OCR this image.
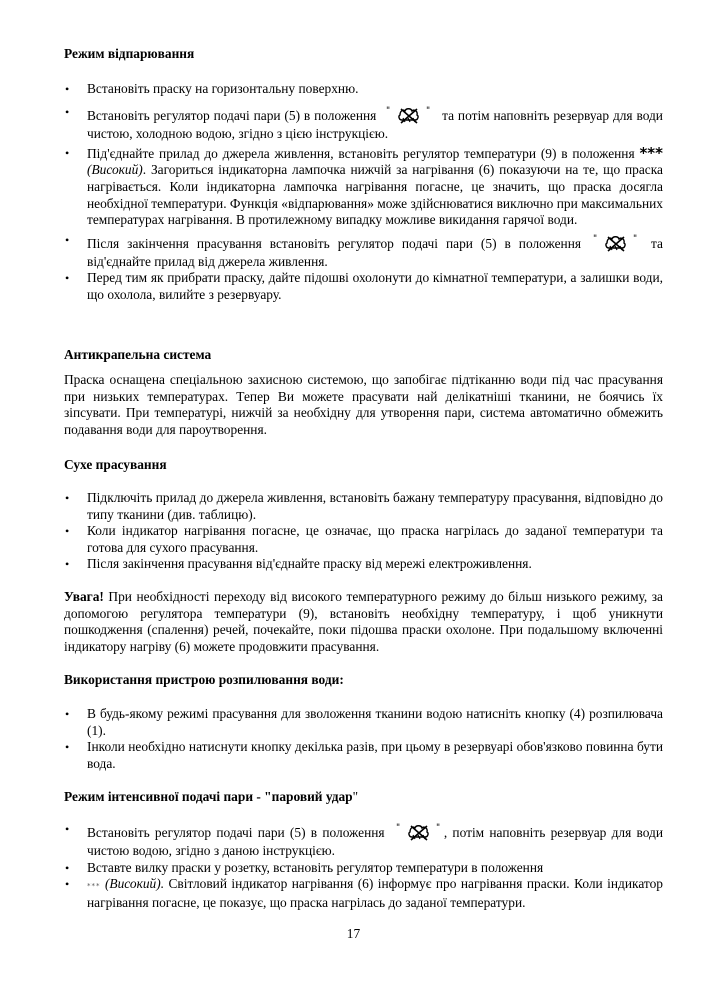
Режим відпарювання
• Встановіть праску на горизонтальну поверхню.
• Встановіть регулятор подачі пари (5) в положення	та потім наповніть резервуар для води чистою, холодною водою, згідно з цією інструкцією.
• Під'єднайте прилад до джерела живлення, встановіть регулятор температури (9) в положення ***(Високий). Загориться індикаторна лампочка нижчій за нагрівання (6) показуючи на те, що праска нагрівається. Коли індикаторна лампочка нагрівання погасне, це значить, що праска досягла необхідної температури. Функція «відпарювання» може здійснюватися виключно при максимальних температурах нагрівання. В протилежному випадку можливе викидання гарячої води.
• Після закінчення прасування встановіть регулятор подачі пари (5) в положення	та від'єднайте прилад від джерела живлення.
• Перед тим як прибрати праску, дайте підошві охолонути до кімнатної температури, а залишки води, що охолола, вилийте з резервуару.
Антикрапельна система

Праска оснащена спеціальною захисною системою, що запобігає підтіканню води під час прасування при низьких температурах. Тепер Ви можете прасувати най делікатніші тканини, не боячись їх зіпсувати. При температурі, нижчій за необхідну для утворення пари, система автоматично обмежить подавання води для пароутворення.

Сухе прасування
• Підключіть прилад до джерела живлення, встановіть бажану температуру прасування, відповідно до типу тканини (див. таблицю).
• Коли індикатор нагрівання погасне, це означає, що праска нагрілась до заданої температури та готова для сухого прасування.
• Після закінчення прасування від'єднайте праску від мережі електроживлення.

Увага! При необхідності переходу від високого температурного режиму до більш низького режиму, за допомогою регулятора температури (9), встановіть необхідну температуру, і щоб уникнути пошкодження (спалення) речей, почекайте, поки підошва праски охолоне. При подальшому включенні індикатору нагріву (6) можете продовжити прасування.

Використання пристрою розпилювання води:
• В будь-якому режимі прасування для зволоження тканини водою натисніть кнопку (4) розпилювача (1).
• Інколи необхідно натиснути кнопку декілька разів, при цьому в резервуарі обов'язково повинна бути вода.

Режим інтенсивної подачі пари - "паровий удар"

• Встановіть регулятор подачі пари (5) в положення	, потім наповніть резервуар для води чистою водою, згідно з даною інструкцією.
• Вставте вилку праски у розетку, встановіть регулятор температури в положення
• *** (Високий). Світловий індикатор нагрівання (6) інформує про нагрівання праски. Коли індикатор нагрівання погасне, це показує, що праска нагрілась до заданої температури.
17
